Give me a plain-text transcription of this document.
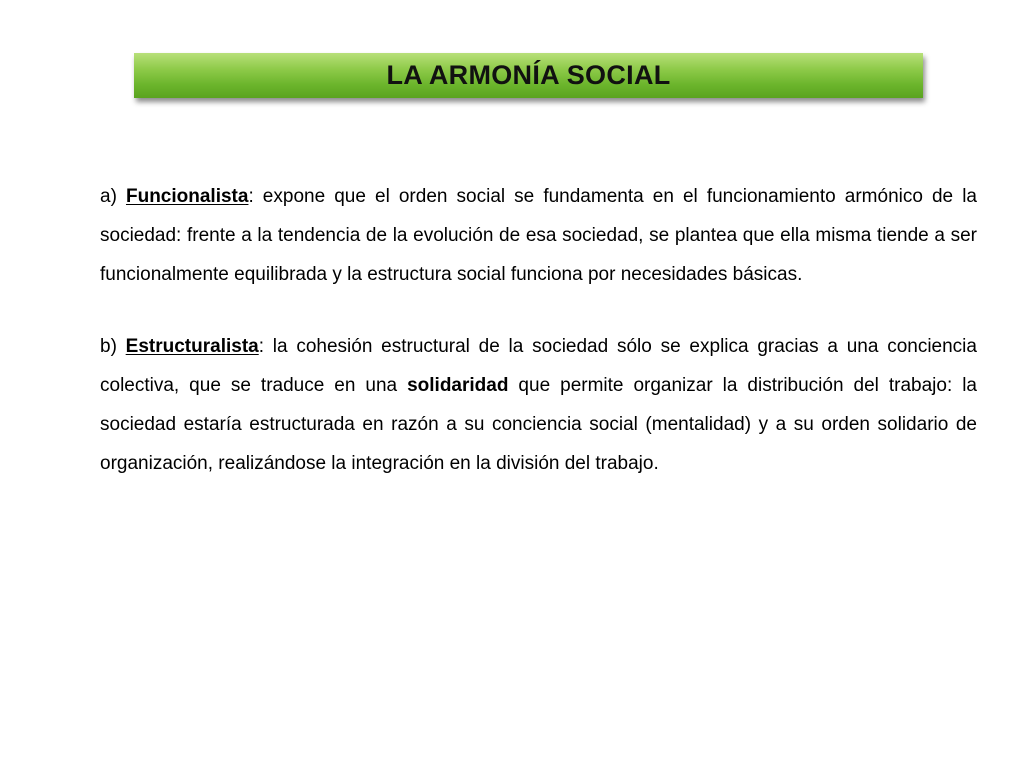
LA ARMONÍA SOCIAL

a) Funcionalista: expone que el orden social se fundamenta en el funcionamiento armónico de la sociedad: frente a la tendencia de la evolución de esa sociedad, se plantea que ella misma tiende a ser funcionalmente equilibrada y la estructura social funciona por necesidades básicas.

b) Estructuralista: la cohesión estructural de la sociedad sólo se explica gracias a una conciencia colectiva, que se traduce en una solidaridad que permite organizar la distribución del trabajo: la sociedad estaría estructurada en razón a su conciencia social (mentalidad) y a su orden solidario de organización, realizándose la integración en la división del trabajo.
